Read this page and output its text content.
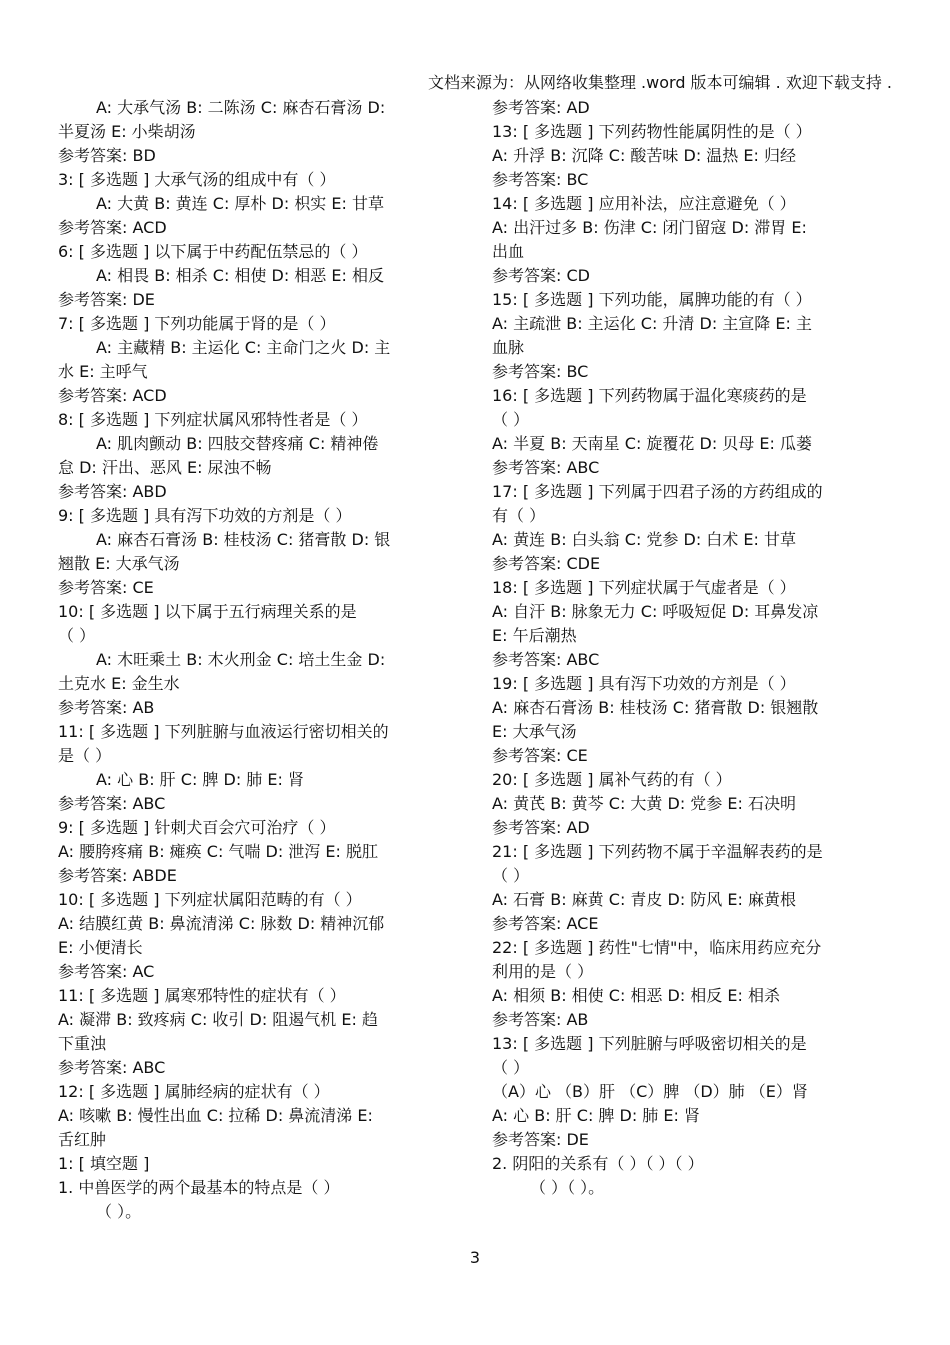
文档来源为：从网络收集整理 .word 版本可编辑 . 欢迎下载支持 .
A: 大承气汤 B: 二陈汤 C: 麻杏石膏汤 D:
半夏汤 E: 小柴胡汤
参考答案: BD
3: [ 多选题 ] 大承气汤的组成中有（ ）
A: 大黄 B: 黄连 C: 厚朴 D: 枳实 E: 甘草
参考答案: ACD
6: [ 多选题 ] 以下属于中药配伍禁忌的（ ）
A: 相畏 B: 相杀 C: 相使 D: 相恶 E: 相反
参考答案: DE
7: [ 多选题 ] 下列功能属于肾的是（ ）
A: 主藏精 B: 主运化 C: 主命门之火 D: 主
水 E: 主呼气
参考答案: ACD
8: [ 多选题 ] 下列症状属风邪特性者是（ ）
A: 肌肉颤动 B: 四肢交替疼痛 C: 精神倦
怠 D: 汗出、恶风 E: 尿浊不畅
参考答案: ABD
9: [ 多选题 ] 具有泻下功效的方剂是（ ）
A: 麻杏石膏汤 B: 桂枝汤 C: 猪膏散 D: 银
翘散 E: 大承气汤
参考答案: CE
10: [ 多选题 ] 以下属于五行病理关系的是
（ ）
A: 木旺乘土 B: 木火刑金 C: 培土生金 D:
土克水 E: 金生水
参考答案: AB
11: [ 多选题 ] 下列脏腑与血液运行密切相关的
是（ ）
A: 心 B: 肝 C: 脾 D: 肺 E: 肾
参考答案: ABC
9: [ 多选题 ] 针刺犬百会穴可治疗（ ）
A: 腰胯疼痛 B: 瘫痪 C: 气喘 D: 泄泻 E: 脱肛
参考答案: ABDE
10: [ 多选题 ] 下列症状属阳范畴的有（ ）
A: 结膜红黄 B: 鼻流清涕 C: 脉数 D: 精神沉郁
E: 小便清长
参考答案: AC
11: [ 多选题 ] 属寒邪特性的症状有（ ）
A: 凝滞 B: 致疼病 C: 收引 D: 阻遏气机 E: 趋
下重浊
参考答案: ABC
12: [ 多选题 ] 属肺经病的症状有（ ）
A: 咳嗽 B: 慢性出血 C: 拉稀 D: 鼻流清涕 E:
舌红肿
1: [ 填空题 ]
1. 中兽医学的两个最基本的特点是（ ）
（ ）。
参考答案: AD
13: [ 多选题 ] 下列药物性能属阴性的是（ ）
A: 升浮 B: 沉降 C: 酸苦味 D: 温热 E: 归经
参考答案: BC
14: [ 多选题 ] 应用补法，应注意避免（ ）
A: 出汗过多 B: 伤津 C: 闭门留寇 D: 滞胃 E:
出血
参考答案: CD
15: [ 多选题 ] 下列功能，属脾功能的有（ ）
A: 主疏泄 B: 主运化 C: 升清 D: 主宣降 E: 主
血脉
参考答案: BC
16: [ 多选题 ] 下列药物属于温化寒痰药的是
（ ）
A: 半夏 B: 天南星 C: 旋覆花 D: 贝母 E: 瓜蒌
参考答案: ABC
17: [ 多选题 ] 下列属于四君子汤的方药组成的
有（ ）
A: 黄连 B: 白头翁 C: 党参 D: 白术 E: 甘草
参考答案: CDE
18: [ 多选题 ] 下列症状属于气虚者是（ ）
A: 自汗 B: 脉象无力 C: 呼吸短促 D: 耳鼻发凉
E: 午后潮热
参考答案: ABC
19: [ 多选题 ] 具有泻下功效的方剂是（ ）
A: 麻杏石膏汤 B: 桂枝汤 C: 猪膏散 D: 银翘散
E: 大承气汤
参考答案: CE
20: [ 多选题 ] 属补气药的有（ ）
A: 黄芪 B: 黄芩 C: 大黄 D: 党参 E: 石决明
参考答案: AD
21: [ 多选题 ] 下列药物不属于辛温解表药的是
（ ）
A: 石膏 B: 麻黄 C: 青皮 D: 防风 E: 麻黄根
参考答案: ACE
22: [ 多选题 ] 药性"七情"中，临床用药应充分
利用的是（ ）
A: 相须 B: 相使 C: 相恶 D: 相反 E: 相杀
参考答案: AB
13: [ 多选题 ] 下列脏腑与呼吸密切相关的是
（ ）
（A）心 （B）肝 （C）脾 （D）肺 （E）肾
A: 心 B: 肝 C: 脾 D: 肺 E: 肾
参考答案: DE
2. 阴阳的关系有（ ）（ ）（ ）
（ ）（ ）。
3
